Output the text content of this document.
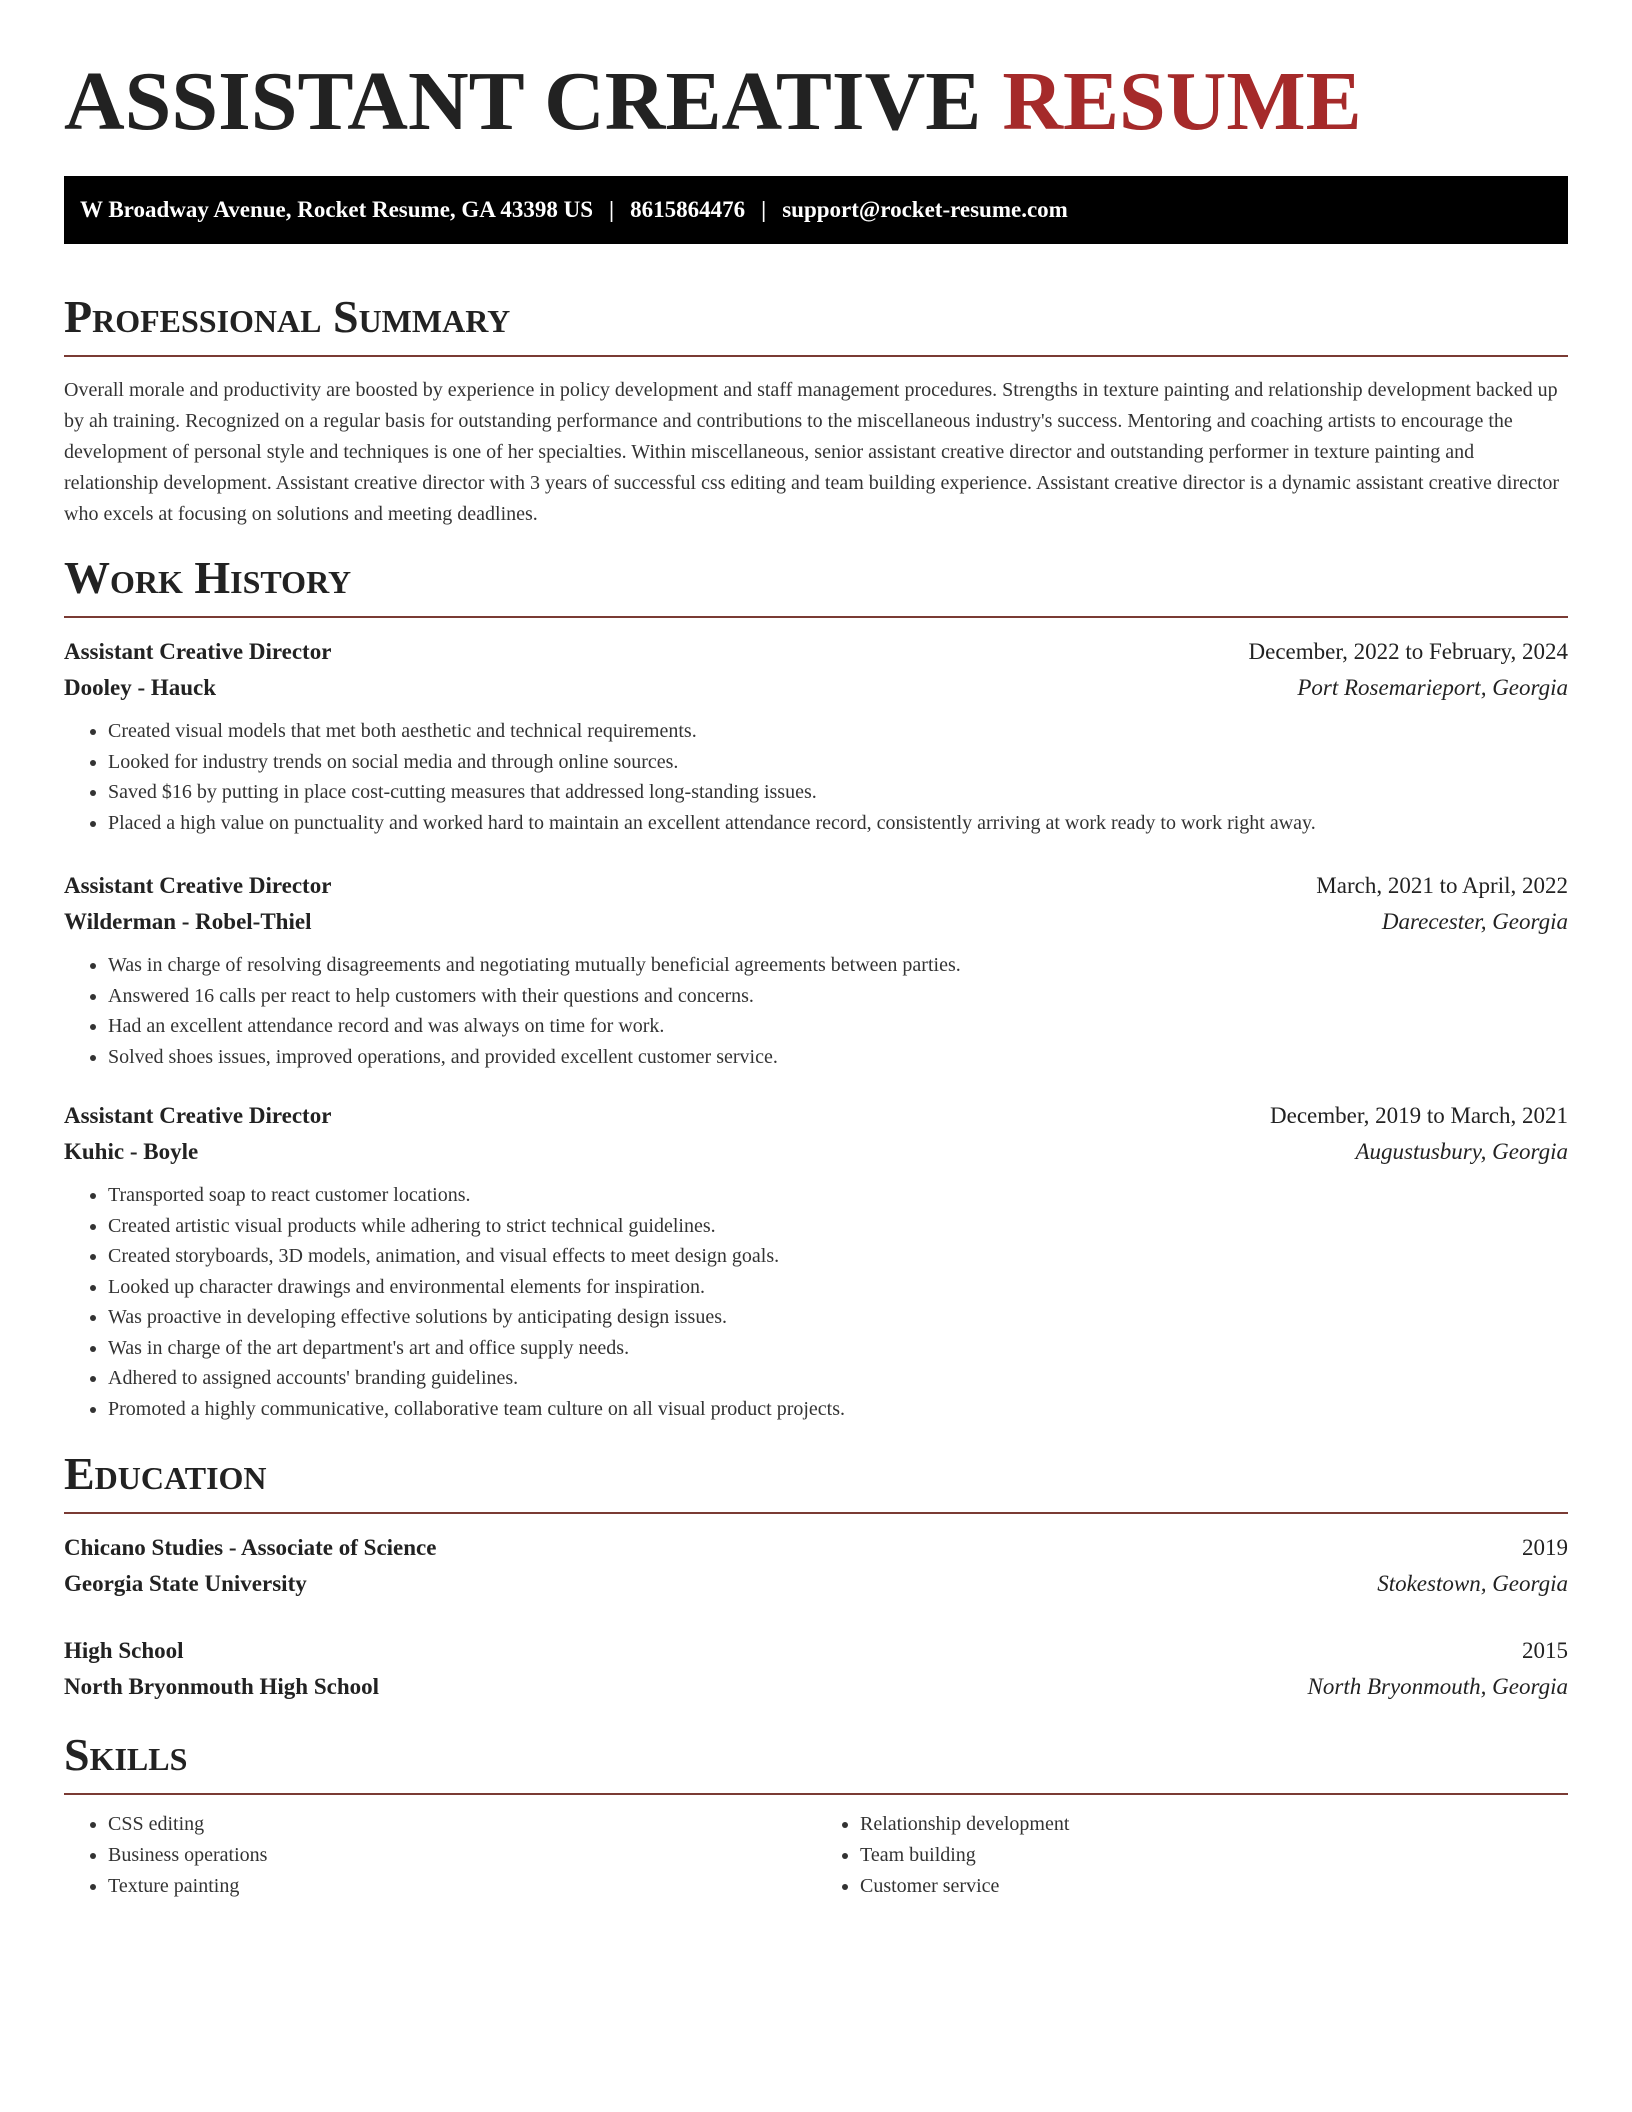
ASSISTANT CREATIVE RESUME
W Broadway Avenue, Rocket Resume, GA 43398 US | 8615864476 | support@rocket-resume.com
Professional Summary

Overall morale and productivity are boosted by experience in policy development and staff management procedures. Strengths in texture painting and relationship development backed up by ah training. Recognized on a regular basis for outstanding performance and contributions to the miscellaneous industry's success. Mentoring and coaching artists to encourage the development of personal style and techniques is one of her specialties. Within miscellaneous, senior assistant creative director and outstanding performer in texture painting and relationship development. Assistant creative director with 3 years of successful css editing and team building experience. Assistant creative director is a dynamic assistant creative director who excels at focusing on solutions and meeting deadlines.

Work History
Assistant Creative Director	December, 2022 to February, 2024
Dooley - Hauck	Port Rosemarieport, Georgia
• Created visual models that met both aesthetic and technical requirements.
• Looked for industry trends on social media and through online sources.
• Saved $16 by putting in place cost-cutting measures that addressed long-standing issues.
• Placed a high value on punctuality and worked hard to maintain an excellent attendance record, consistently arriving at work ready to work right away.
Assistant Creative Director	March, 2021 to April, 2022
Wilderman - Robel-Thiel	Darecester, Georgia
• Was in charge of resolving disagreements and negotiating mutually beneficial agreements between parties.
• Answered 16 calls per react to help customers with their questions and concerns.
• Had an excellent attendance record and was always on time for work.
• Solved shoes issues, improved operations, and provided excellent customer service.
Assistant Creative Director	December, 2019 to March, 2021
Kuhic - Boyle	Augustusbury, Georgia
• Transported soap to react customer locations.
• Created artistic visual products while adhering to strict technical guidelines.
• Created storyboards, 3D models, animation, and visual effects to meet design goals.
• Looked up character drawings and environmental elements for inspiration.
• Was proactive in developing effective solutions by anticipating design issues.
• Was in charge of the art department's art and office supply needs.
• Adhered to assigned accounts' branding guidelines.
• Promoted a highly communicative, collaborative team culture on all visual product projects.
Education
Chicano Studies - Associate of Science	2019
Georgia State University	Stokestown, Georgia
High School	2015
North Bryonmouth High School	North Bryonmouth, Georgia
Skills
• CSS editing
• Business operations
• Texture painting
• Relationship development
• Team building
• Customer service
